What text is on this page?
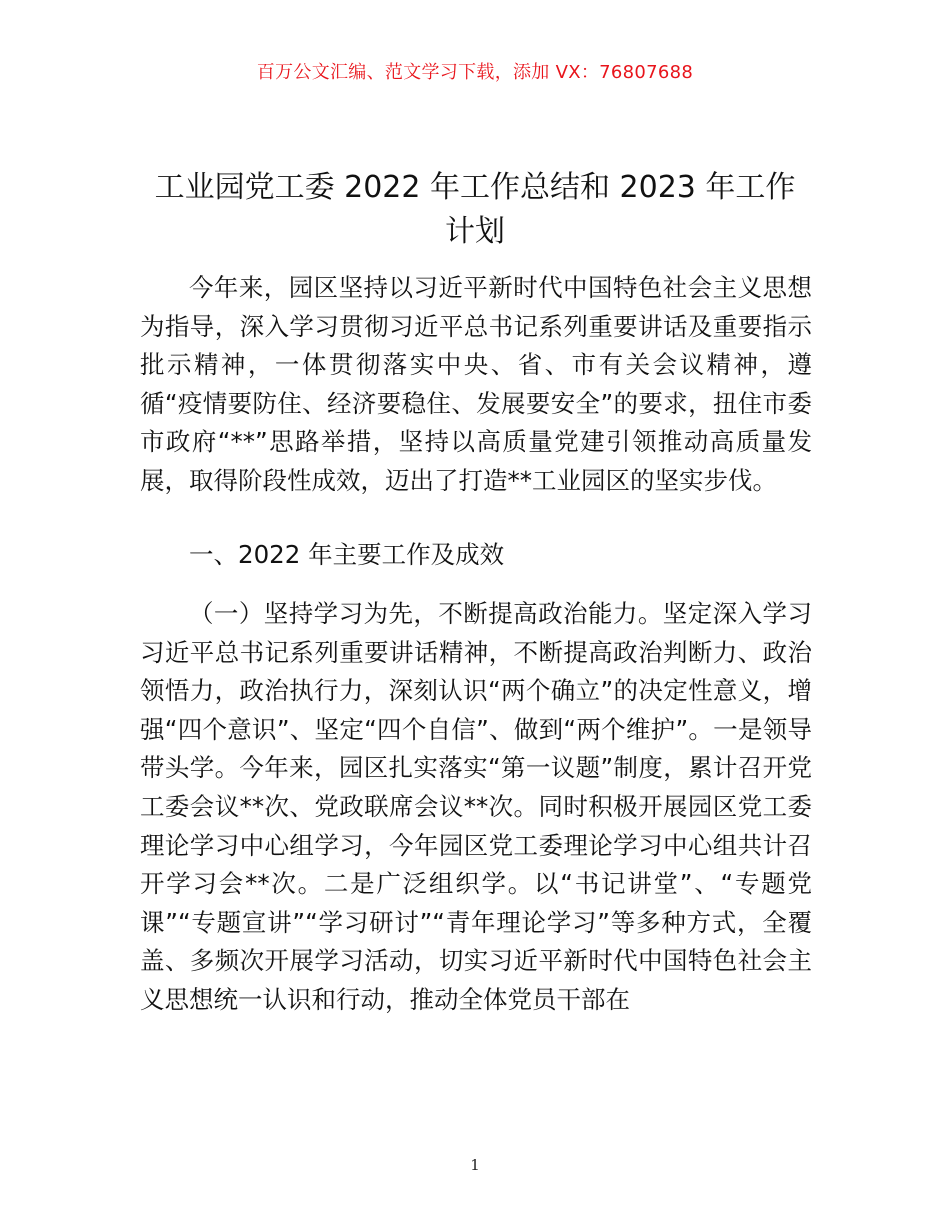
百万公文汇编、范文学习下载，添加 VX：76807688
工业园党工委 2022 年工作总结和 2023 年工作计划
今年来，园区坚持以习近平新时代中国特色社会主义思想为指导，深入学习贯彻习近平总书记系列重要讲话及重要指示批示精神，一体贯彻落实中央、省、市有关会议精神，遵循“疫情要防住、经济要稳住、发展要安全”的要求，扭住市委市政府“**”思路举措，坚持以高质量党建引领推动高质量发展，取得阶段性成效，迈出了打造**工业园区的坚实步伐。
一、2022 年主要工作及成效
（一）坚持学习为先，不断提高政治能力。坚定深入学习习近平总书记系列重要讲话精神，不断提高政治判断力、政治领悟力，政治执行力，深刻认识“两个确立”的决定性意义，增强“四个意识”、坚定“四个自信”、做到“两个维护”。一是领导带头学。今年来，园区扎实落实“第一议题”制度，累计召开党工委会议**次、党政联席会议**次。同时积极开展园区党工委理论学习中心组学习，今年园区党工委理论学习中心组共计召开学习会**次。二是广泛组织学。以“书记讲堂”、“专题党课”“专题宣讲”“学习研讨”“青年理论学习”等多种方式，全覆盖、多频次开展学习活动，切实习近平新时代中国特色社会主义思想统一认识和行动，推动全体党员干部在
1
